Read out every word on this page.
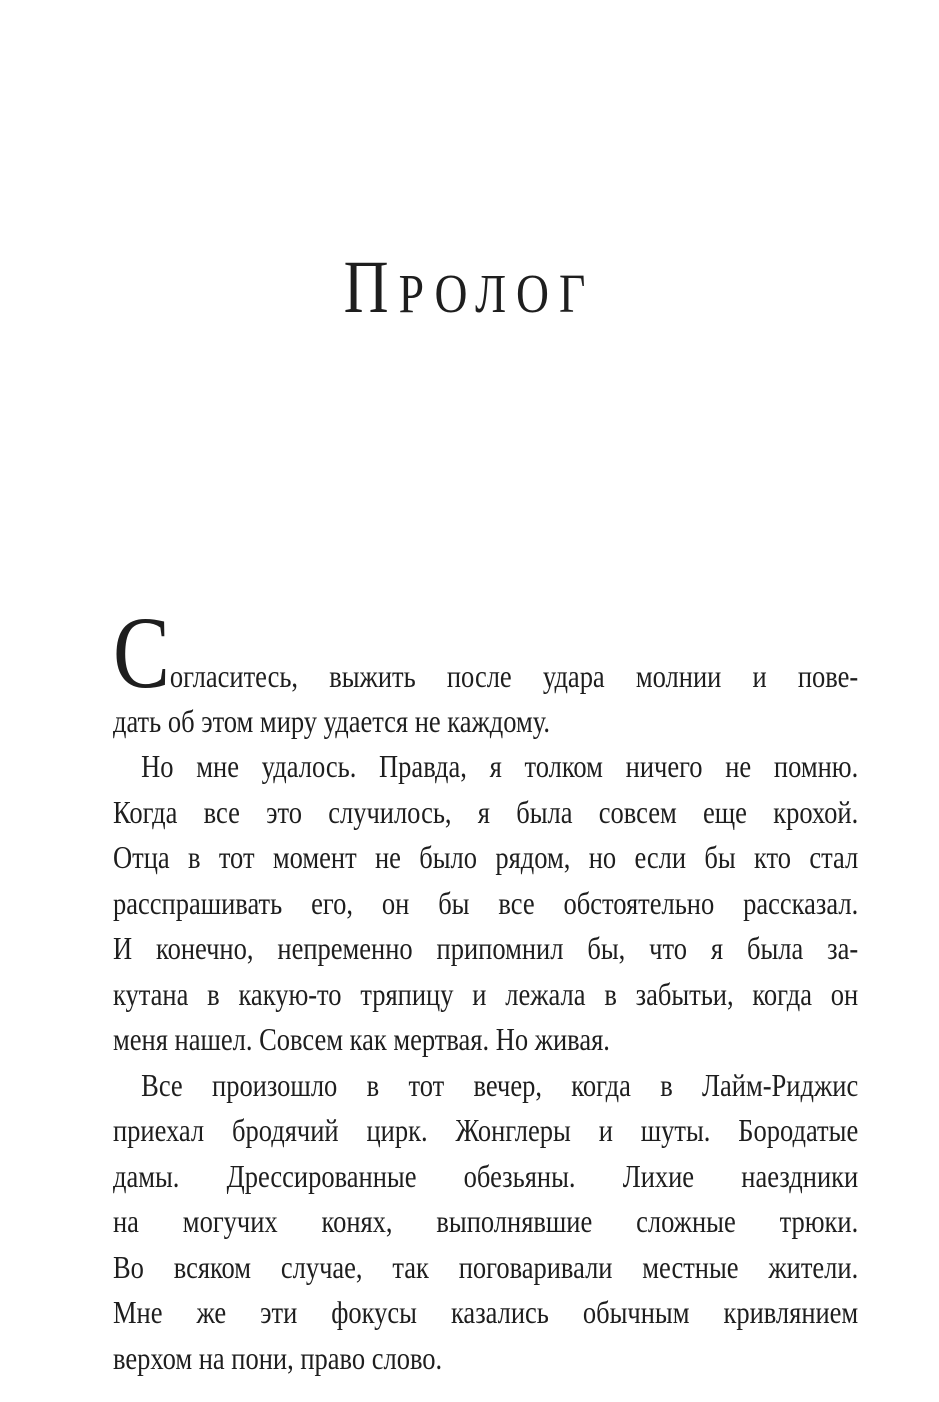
ПРОЛОГ
Согласитесь, выжить после удара молнии и пове-
дать об этом миру удается не каждому.
Но мне удалось. Правда, я толком ничего не помню.
Когда все это случилось, я была совсем еще крохой.
Отца в тот момент не было рядом, но если бы кто стал
расспрашивать его, он бы все обстоятельно рассказал.
И конечно, непременно припомнил бы, что я была за-
кутана в какую-то тряпицу и лежала в забытьи, когда он
меня нашел. Совсем как мертвая. Но живая.
Все произошло в тот вечер, когда в Лайм-Риджис
приехал бродячий цирк. Жонглеры и шуты. Бородатые
дамы. Дрессированные обезьяны. Лихие наездники
на могучих конях, выполнявшие сложные трюки.
Во всяком случае, так поговаривали местные жители.
Мне же эти фокусы казались обычным кривлянием
верхом на пони, право слово.
